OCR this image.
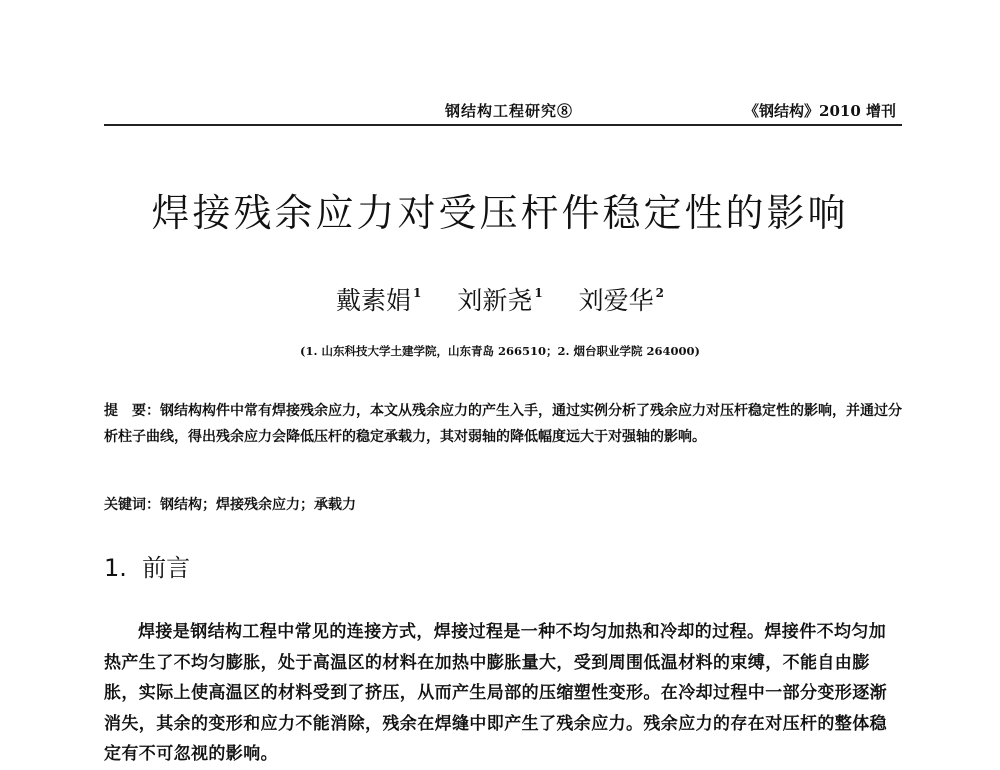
钢结构工程研究⑧	《钢结构》2010 增刊
焊接残余应力对受压杆件稳定性的影响
戴素娟 $^1$ 刘新尧 $^1$ 刘爱华 $^2$
(1. 山东科技大学土建学院，山东青岛 266510；2. 烟台职业学院 264000)
提　要：钢结构构件中常有焊接残余应力，本文从残余应力的产生入手，通过实例分析了残余应力对压杆稳定性的影响，并通过分析柱子曲线，得出残余应力会降低压杆的稳定承载力，其对弱轴的降低幅度远大于对强轴的影响。
关键词：钢结构；焊接残余应力；承载力
1. 前言

焊接是钢结构工程中常见的连接方式，焊接过程是一种不均匀加热和冷却的过程。焊接件不均匀加热产生了不均匀膨胀，处于高温区的材料在加热中膨胀量大，受到周围低温材料的束缚，不能自由膨胀，实际上使高温区的材料受到了挤压，从而产生局部的压缩塑性变形。在冷却过程中一部分变形逐渐消失，其余的变形和应力不能消除，残余在焊缝中即产生了残余应力。残余应力的存在对压杆的整体稳定有不可忽视的影响。
